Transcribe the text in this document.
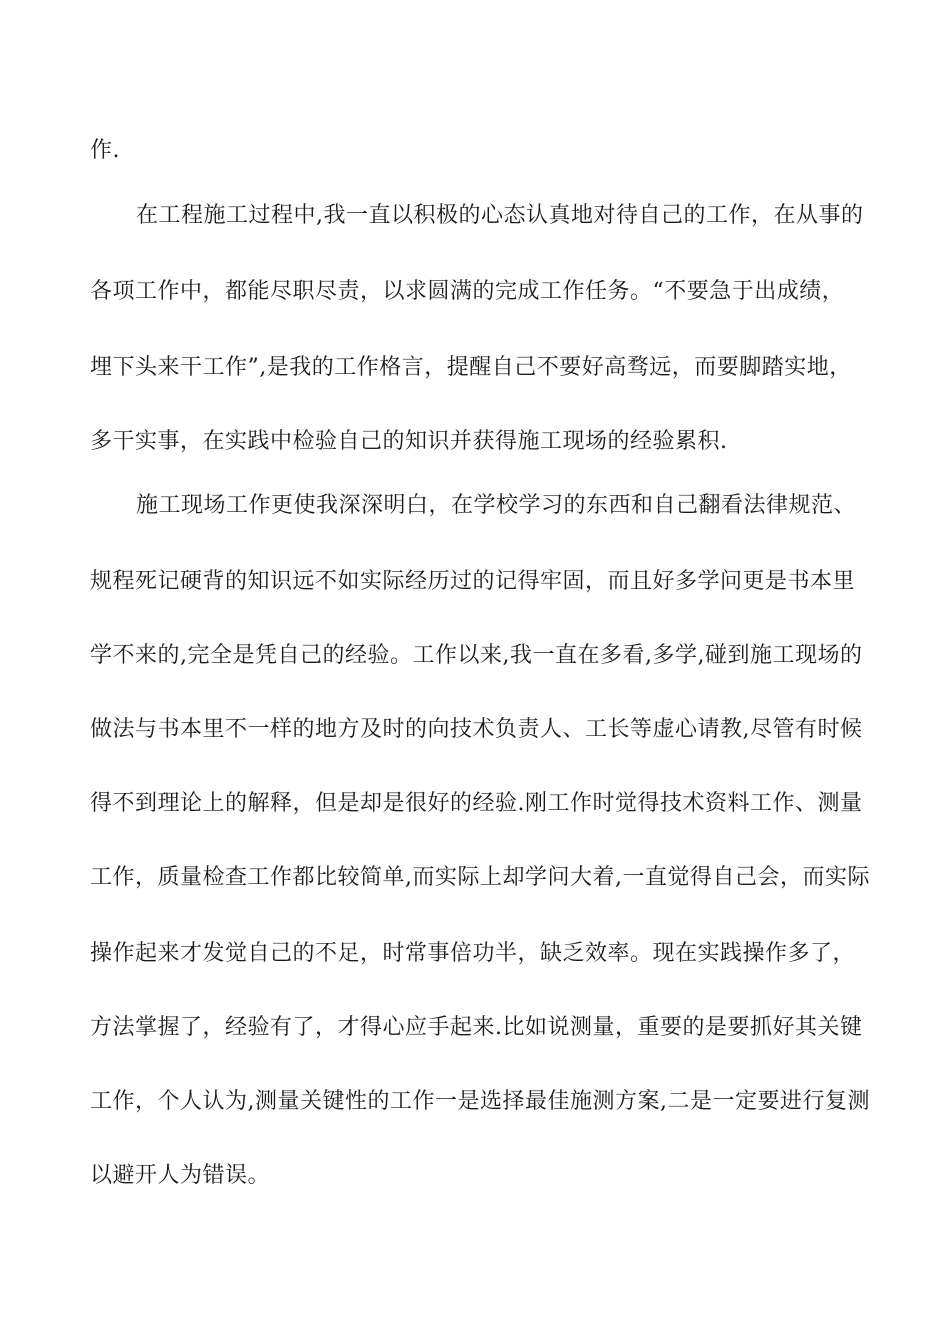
作.
在工程施工过程中,我一直以积极的心态认真地对待自己的工作，在从事的
各项工作中，都能尽职尽责，以求圆满的完成工作任务。“不要急于出成绩，
埋下头来干工作”,是我的工作格言，提醒自己不要好高骛远，而要脚踏实地，
多干实事，在实践中检验自己的知识并获得施工现场的经验累积.
施工现场工作更使我深深明白，在学校学习的东西和自己翻看法律规范、
规程死记硬背的知识远不如实际经历过的记得牢固，而且好多学问更是书本里
学不来的,完全是凭自己的经验。工作以来,我一直在多看,多学,碰到施工现场的
做法与书本里不一样的地方及时的向技术负责人、工长等虚心请教,尽管有时候
得不到理论上的解释，但是却是很好的经验.刚工作时觉得技术资料工作、测量
工作，质量检查工作都比较简单,而实际上却学问大着,一直觉得自己会，而实际
操作起来才发觉自己的不足，时常事倍功半，缺乏效率。现在实践操作多了，
方法掌握了，经验有了，才得心应手起来.比如说测量，重要的是要抓好其关键
工作，个人认为,测量关键性的工作一是选择最佳施测方案,二是一定要进行复测
以避开人为错误。
